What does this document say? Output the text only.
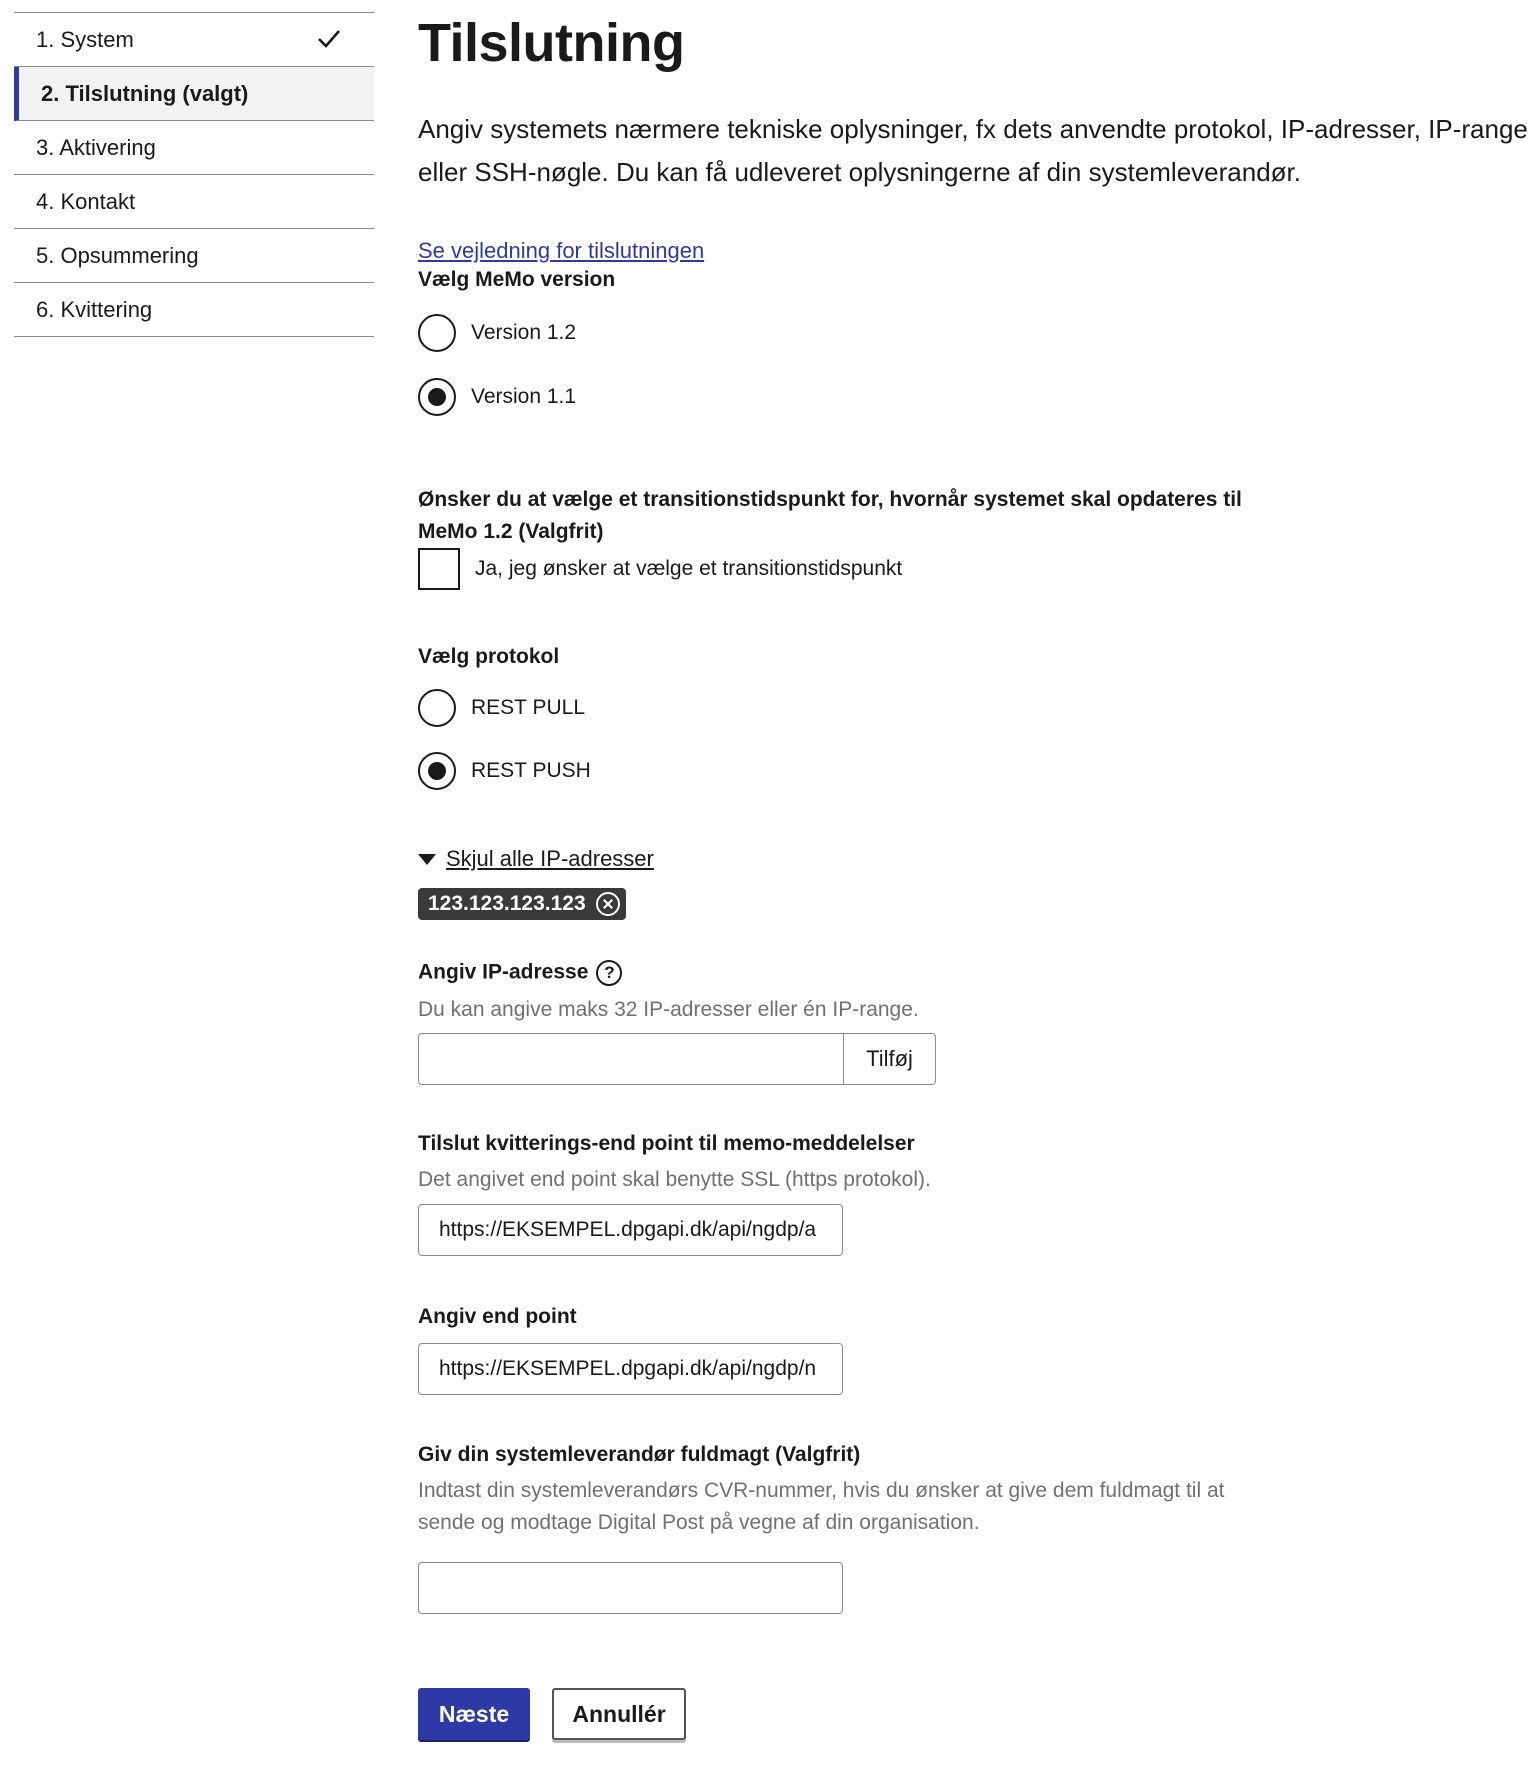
1. System
2. Tilslutning (valgt)
3. Aktivering
4. Kontakt
5. Opsummering
6. Kvittering
Tilslutning

Angiv systemets nærmere tekniske oplysninger, fx dets anvendte protokol, IP-adresser, IP-range eller SSH-nøgle. Du kan få udleveret oplysningerne af din systemleverandør.

Se vejledning for tilslutningen
Vælg MeMo version
Version 1.2
Version 1.1
Ønsker du at vælge et transitionstidspunkt for, hvornår systemet skal opdateres til MeMo 1.2 (Valgfrit)
Ja, jeg ønsker at vælge et transitionstidspunkt
Vælg protokol
REST PULL
REST PUSH
Skjul alle IP-adresser
123.123.123.123
Angiv IP-adresse ?
Du kan angive maks 32 IP-adresser eller én IP-range.
Tilføj
Tilslut kvitterings-end point til memo-meddelelser
Det angivet end point skal benytte SSL (https protokol).
https://EKSEMPEL.dpgapi.dk/api/ngdp/a
Angiv end point
https://EKSEMPEL.dpgapi.dk/api/ngdp/n
Giv din systemleverandør fuldmagt (Valgfrit)
Indtast din systemleverandørs CVR-nummer, hvis du ønsker at give dem fuldmagt til at sende og modtage Digital Post på vegne af din organisation.
Næste	Annullér
